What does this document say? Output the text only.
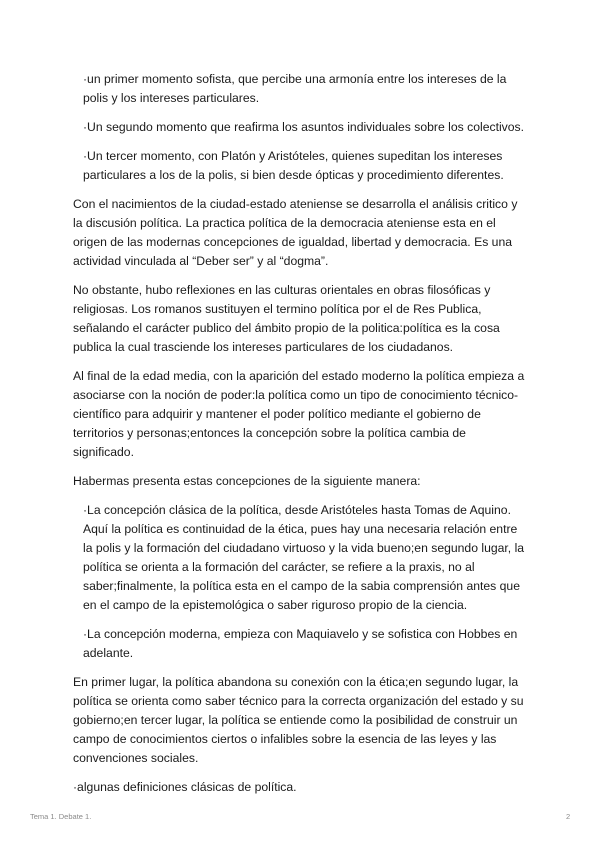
·un primer momento sofista, que percibe una armonía entre los intereses de la polis y los intereses particulares.

·Un segundo momento que reafirma los asuntos individuales sobre los colectivos.

·Un tercer momento, con Platón y Aristóteles, quienes supeditan los intereses particulares a los de la polis, si bien desde ópticas y procedimiento diferentes.

Con el nacimientos de la ciudad-estado ateniense se desarrolla el análisis critico y la discusión política. La practica política de la democracia ateniense esta en el origen de las modernas concepciones de igualdad, libertad y democracia. Es una actividad vinculada al “Deber ser” y al “dogma”.

No obstante, hubo reflexiones en las culturas orientales en obras filosóficas y religiosas. Los romanos sustituyen el termino política por el de Res Publica, señalando el carácter publico del ámbito propio de la politica:política es la cosa publica la cual trasciende los intereses particulares de los ciudadanos.

Al final de la edad media, con la aparición del estado moderno la política empieza a asociarse con la noción de poder:la política como un tipo de conocimiento técnico-científico para adquirir y mantener el poder político mediante el gobierno de territorios y personas;entonces la concepción sobre la política cambia de significado.

Habermas presenta estas concepciones de la siguiente manera:

·La concepción clásica de la política, desde Aristóteles hasta Tomas de Aquino. Aquí la política es continuidad de la ética, pues hay una necesaria relación entre la polis y la formación del ciudadano virtuoso y la vida bueno;en segundo lugar, la política se orienta a la formación del carácter, se refiere a la praxis, no al saber;finalmente, la política esta en el campo de la sabia comprensión antes que en el campo de la epistemológica o saber riguroso propio de la ciencia.

·La concepción moderna, empieza con Maquiavelo y se sofistica con Hobbes en adelante.

En primer lugar, la política abandona su conexión con la ética;en segundo lugar, la política se orienta como saber técnico para la correcta organización del estado y su gobierno;en tercer lugar, la política se entiende como la posibilidad de construir un campo de conocimientos ciertos o infalibles sobre la esencia de las leyes y las convenciones sociales.

·algunas definiciones clásicas de política.

Tema 1. Debate 1.	2
